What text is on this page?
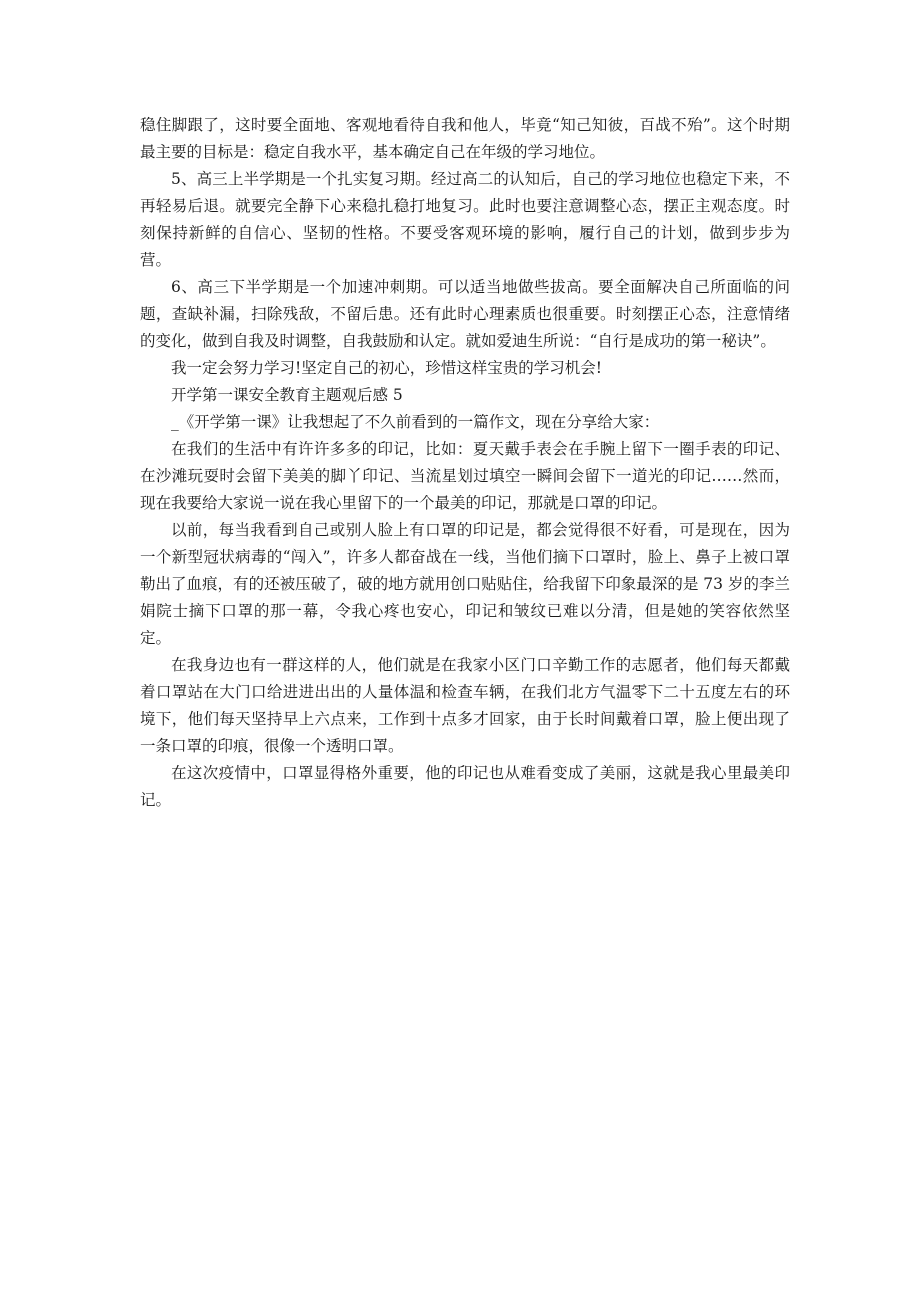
稳住脚跟了，这时要全面地、客观地看待自我和他人，毕竟“知己知彼，百战不殆”。这个时期最主要的目标是：稳定自我水平，基本确定自己在年级的学习地位。

5、高三上半学期是一个扎实复习期。经过高二的认知后，自己的学习地位也稳定下来，不再轻易后退。就要完全静下心来稳扎稳打地复习。此时也要注意调整心态，摆正主观态度。时刻保持新鲜的自信心、坚韧的性格。不要受客观环境的影响，履行自己的计划，做到步步为营。

6、高三下半学期是一个加速冲刺期。可以适当地做些拔高。要全面解决自己所面临的问题，查缺补漏，扫除残敌，不留后患。还有此时心理素质也很重要。时刻摆正心态，注意情绪的变化，做到自我及时调整，自我鼓励和认定。就如爱迪生所说：“自行是成功的第一秘诀”。

我一定会努力学习!坚定自己的初心，珍惜这样宝贵的学习机会!

开学第一课安全教育主题观后感 5

_《开学第一课》让我想起了不久前看到的一篇作文，现在分享给大家：

在我们的生活中有许许多多的印记，比如：夏天戴手表会在手腕上留下一圈手表的印记、在沙滩玩耍时会留下美美的脚丫印记、当流星划过填空一瞬间会留下一道光的印记……然而，现在我要给大家说一说在我心里留下的一个最美的印记，那就是口罩的印记。

以前，每当我看到自己或别人脸上有口罩的印记是，都会觉得很不好看，可是现在，因为一个新型冠状病毒的“闯入”，许多人都奋战在一线，当他们摘下口罩时，脸上、鼻子上被口罩勒出了血痕，有的还被压破了，破的地方就用创口贴贴住，给我留下印象最深的是 73 岁的李兰娟院士摘下口罩的那一幕，令我心疼也安心，印记和皱纹已难以分清，但是她的笑容依然坚定。

在我身边也有一群这样的人，他们就是在我家小区门口辛勤工作的志愿者，他们每天都戴着口罩站在大门口给进进出出的人量体温和检查车辆，在我们北方气温零下二十五度左右的环境下，他们每天坚持早上六点来，工作到十点多才回家，由于长时间戴着口罩，脸上便出现了一条口罩的印痕，很像一个透明口罩。

在这次疫情中，口罩显得格外重要，他的印记也从难看变成了美丽，这就是我心里最美印记。
